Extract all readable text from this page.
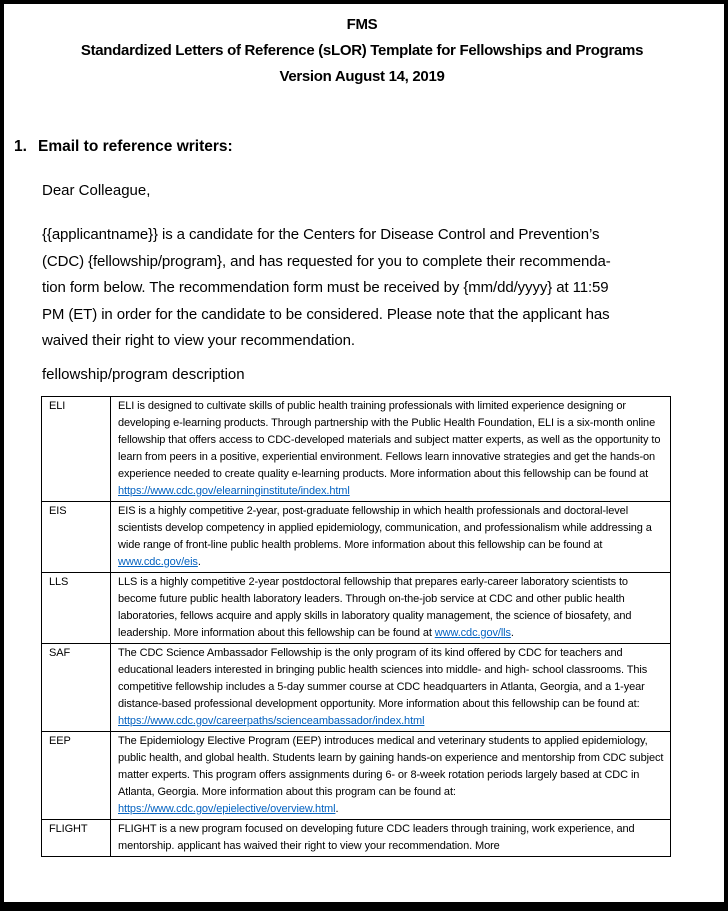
FMS
Standardized Letters of Reference (sLOR) Template for Fellowships and Programs
Version August 14, 2019
1. Email to reference writers:
Dear Colleague,
{{applicantname}} is a candidate for the Centers for Disease Control and Prevention’s
(CDC) {fellowship/program}, and has requested for you to complete their recommenda-
tion form below. The recommendation form must be received by {mm/dd/yyyy} at 11:59
PM (ET) in order for the candidate to be considered. Please note that the applicant has
waived their right to view your recommendation.
fellowship/program description
ELI	ELI is designed to cultivate skills of public health training professionals with limited experience designing or developing e-learning products. Through partnership with the Public Health Foundation, ELI is a six-month online fellowship that offers access to CDC-developed materials and subject matter experts, as well as the opportunity to learn from peers in a positive, experiential environment. Fellows learn innovative strategies and get the hands-on experience needed to create quality e-learning products. More information about this fellowship can be found at https://www.cdc.gov/elearninginstitute/index.html

EIS	EIS is a highly competitive 2-year, post-graduate fellowship in which health professionals and doctoral-level scientists develop competency in applied epidemiology, communication, and professionalism while addressing a wide range of front-line public health problems. More information about this fellowship can be found at www.cdc.gov/eis.

LLS	LLS is a highly competitive 2-year postdoctoral fellowship that prepares early-career laboratory scientists to become future public health laboratory leaders. Through on-the-job service at CDC and other public health laboratories, fellows acquire and apply skills in laboratory quality management, the science of biosafety, and leadership. More information about this fellowship can be found at www.cdc.gov/lls.

SAF	The CDC Science Ambassador Fellowship is the only program of its kind offered by CDC for teachers and educational leaders interested in bringing public health sciences into middle- and high- school classrooms. This competitive fellowship includes a 5-day summer course at CDC headquarters in Atlanta, Georgia, and a 1-year distance-based professional development opportunity. More information about this fellowship can be found at: https://www.cdc.gov/careerpaths/scienceambassador/index.html

EEP	The Epidemiology Elective Program (EEP) introduces medical and veterinary students to applied epidemiology, public health, and global health. Students learn by gaining hands-on experience and mentorship from CDC subject matter experts. This program offers assignments during 6- or 8-week rotation periods largely based at CDC in Atlanta, Georgia. More information about this program can be found at: https://www.cdc.gov/epielective/overview.html.

FLIGHT	FLIGHT is a new program focused on developing future CDC leaders through training, work experience, and mentorship. applicant has waived their right to view your recommendation. More
